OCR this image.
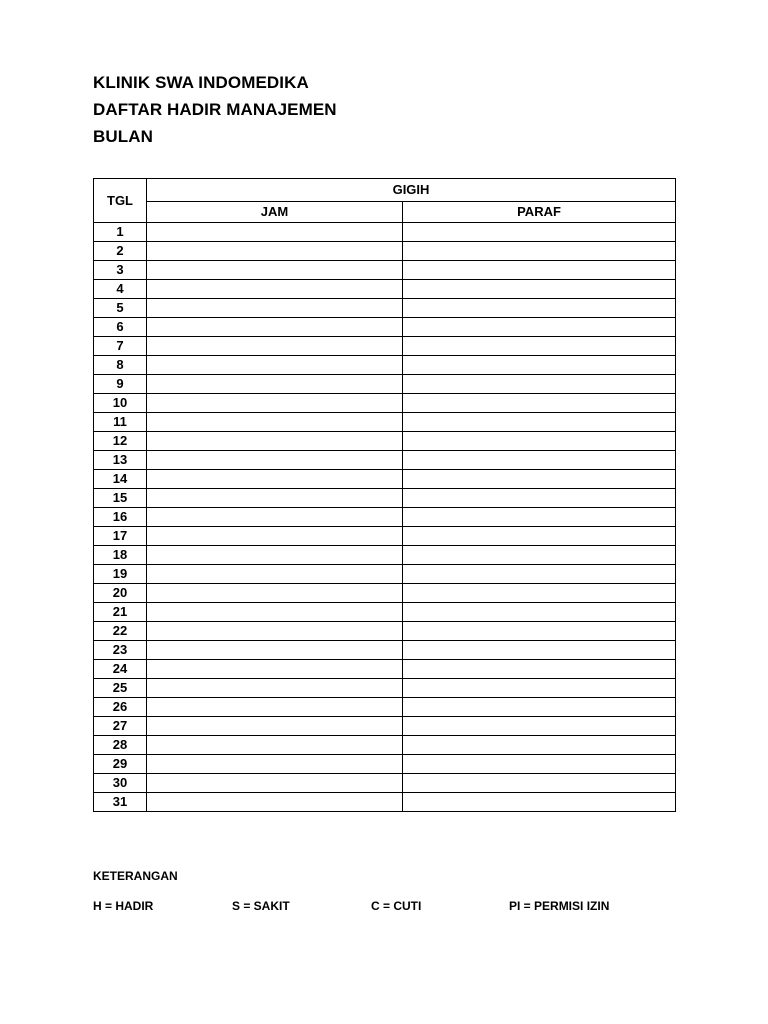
KLINIK SWA INDOMEDIKA
DAFTAR HADIR MANAJEMEN
BULAN
TGL	GIGIH	
	JAM	PARAF
1		
2		
3		
4		
5		
6		
7		
8		
9		
10		
11		
12		
13		
14		
15		
16		
17		
18		
19		
20		
21		
22		
23		
24		
25		
26		
27		
28		
29		
30		
31		
KETERANGAN
H = HADIR	S = SAKIT	C = CUTI	PI = PERMISI IZIN
